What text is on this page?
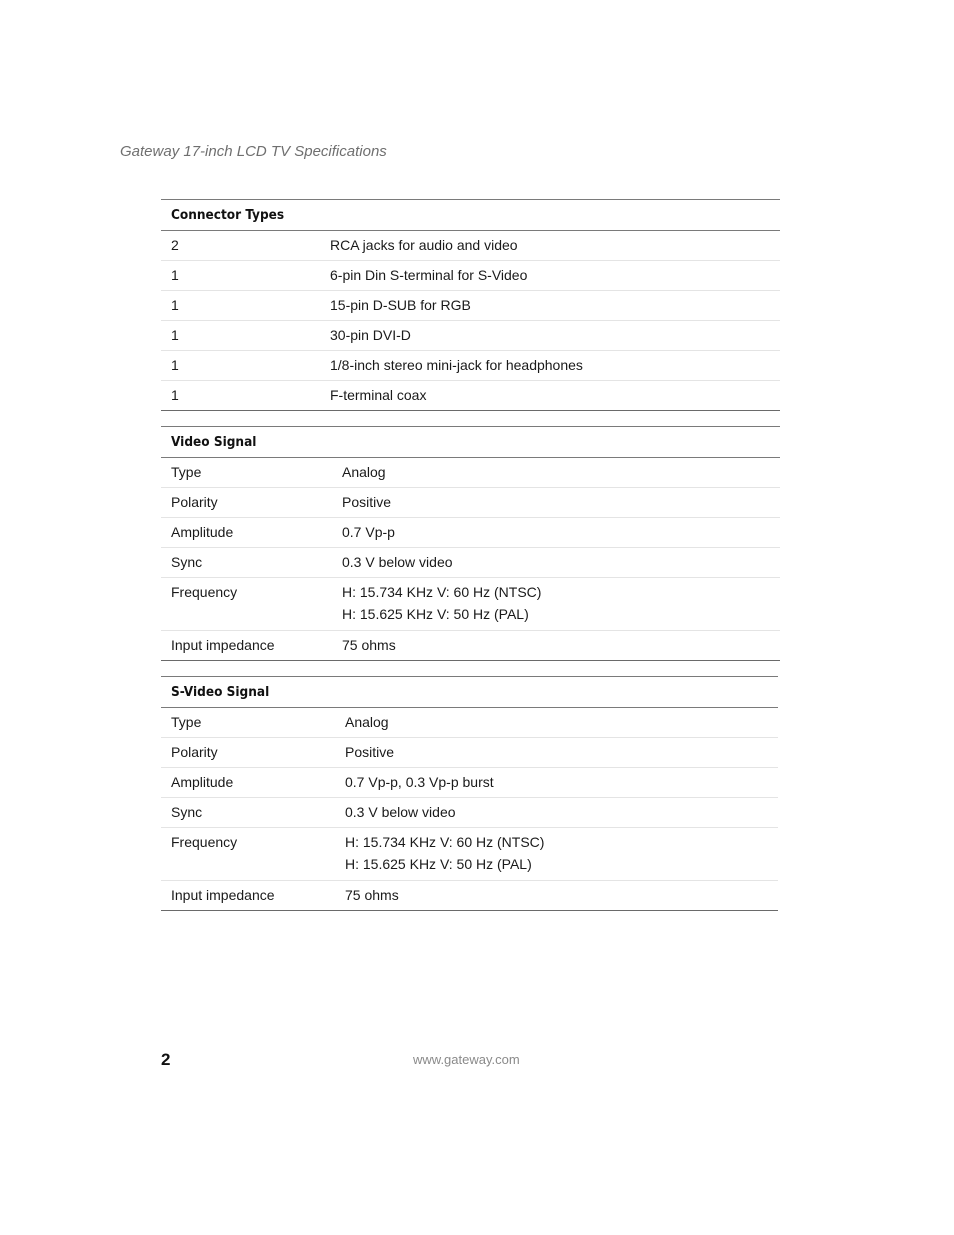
Gateway 17-inch LCD TV Specifications
Connector Types	
2	RCA jacks for audio and video
1	6-pin Din S-terminal for S-Video
1	15-pin D-SUB for RGB
1	30-pin DVI-D
1	1/8-inch stereo mini-jack for headphones
1	F-terminal coax
Video Signal	
Type	Analog
Polarity	Positive
Amplitude	0.7 Vp-p
Sync	0.3 V below video
Frequency	H: 15.734 KHz V: 60 Hz (NTSC)
H: 15.625 KHz V: 50 Hz (PAL)

Input impedance	75 ohms
S-Video Signal	
Type	Analog
Polarity	Positive
Amplitude	0.7 Vp-p, 0.3 Vp-p burst
Sync	0.3 V below video
Frequency	H: 15.734 KHz V: 60 Hz (NTSC)
H: 15.625 KHz V: 50 Hz (PAL)

Input impedance	75 ohms
2	www.gateway.com
